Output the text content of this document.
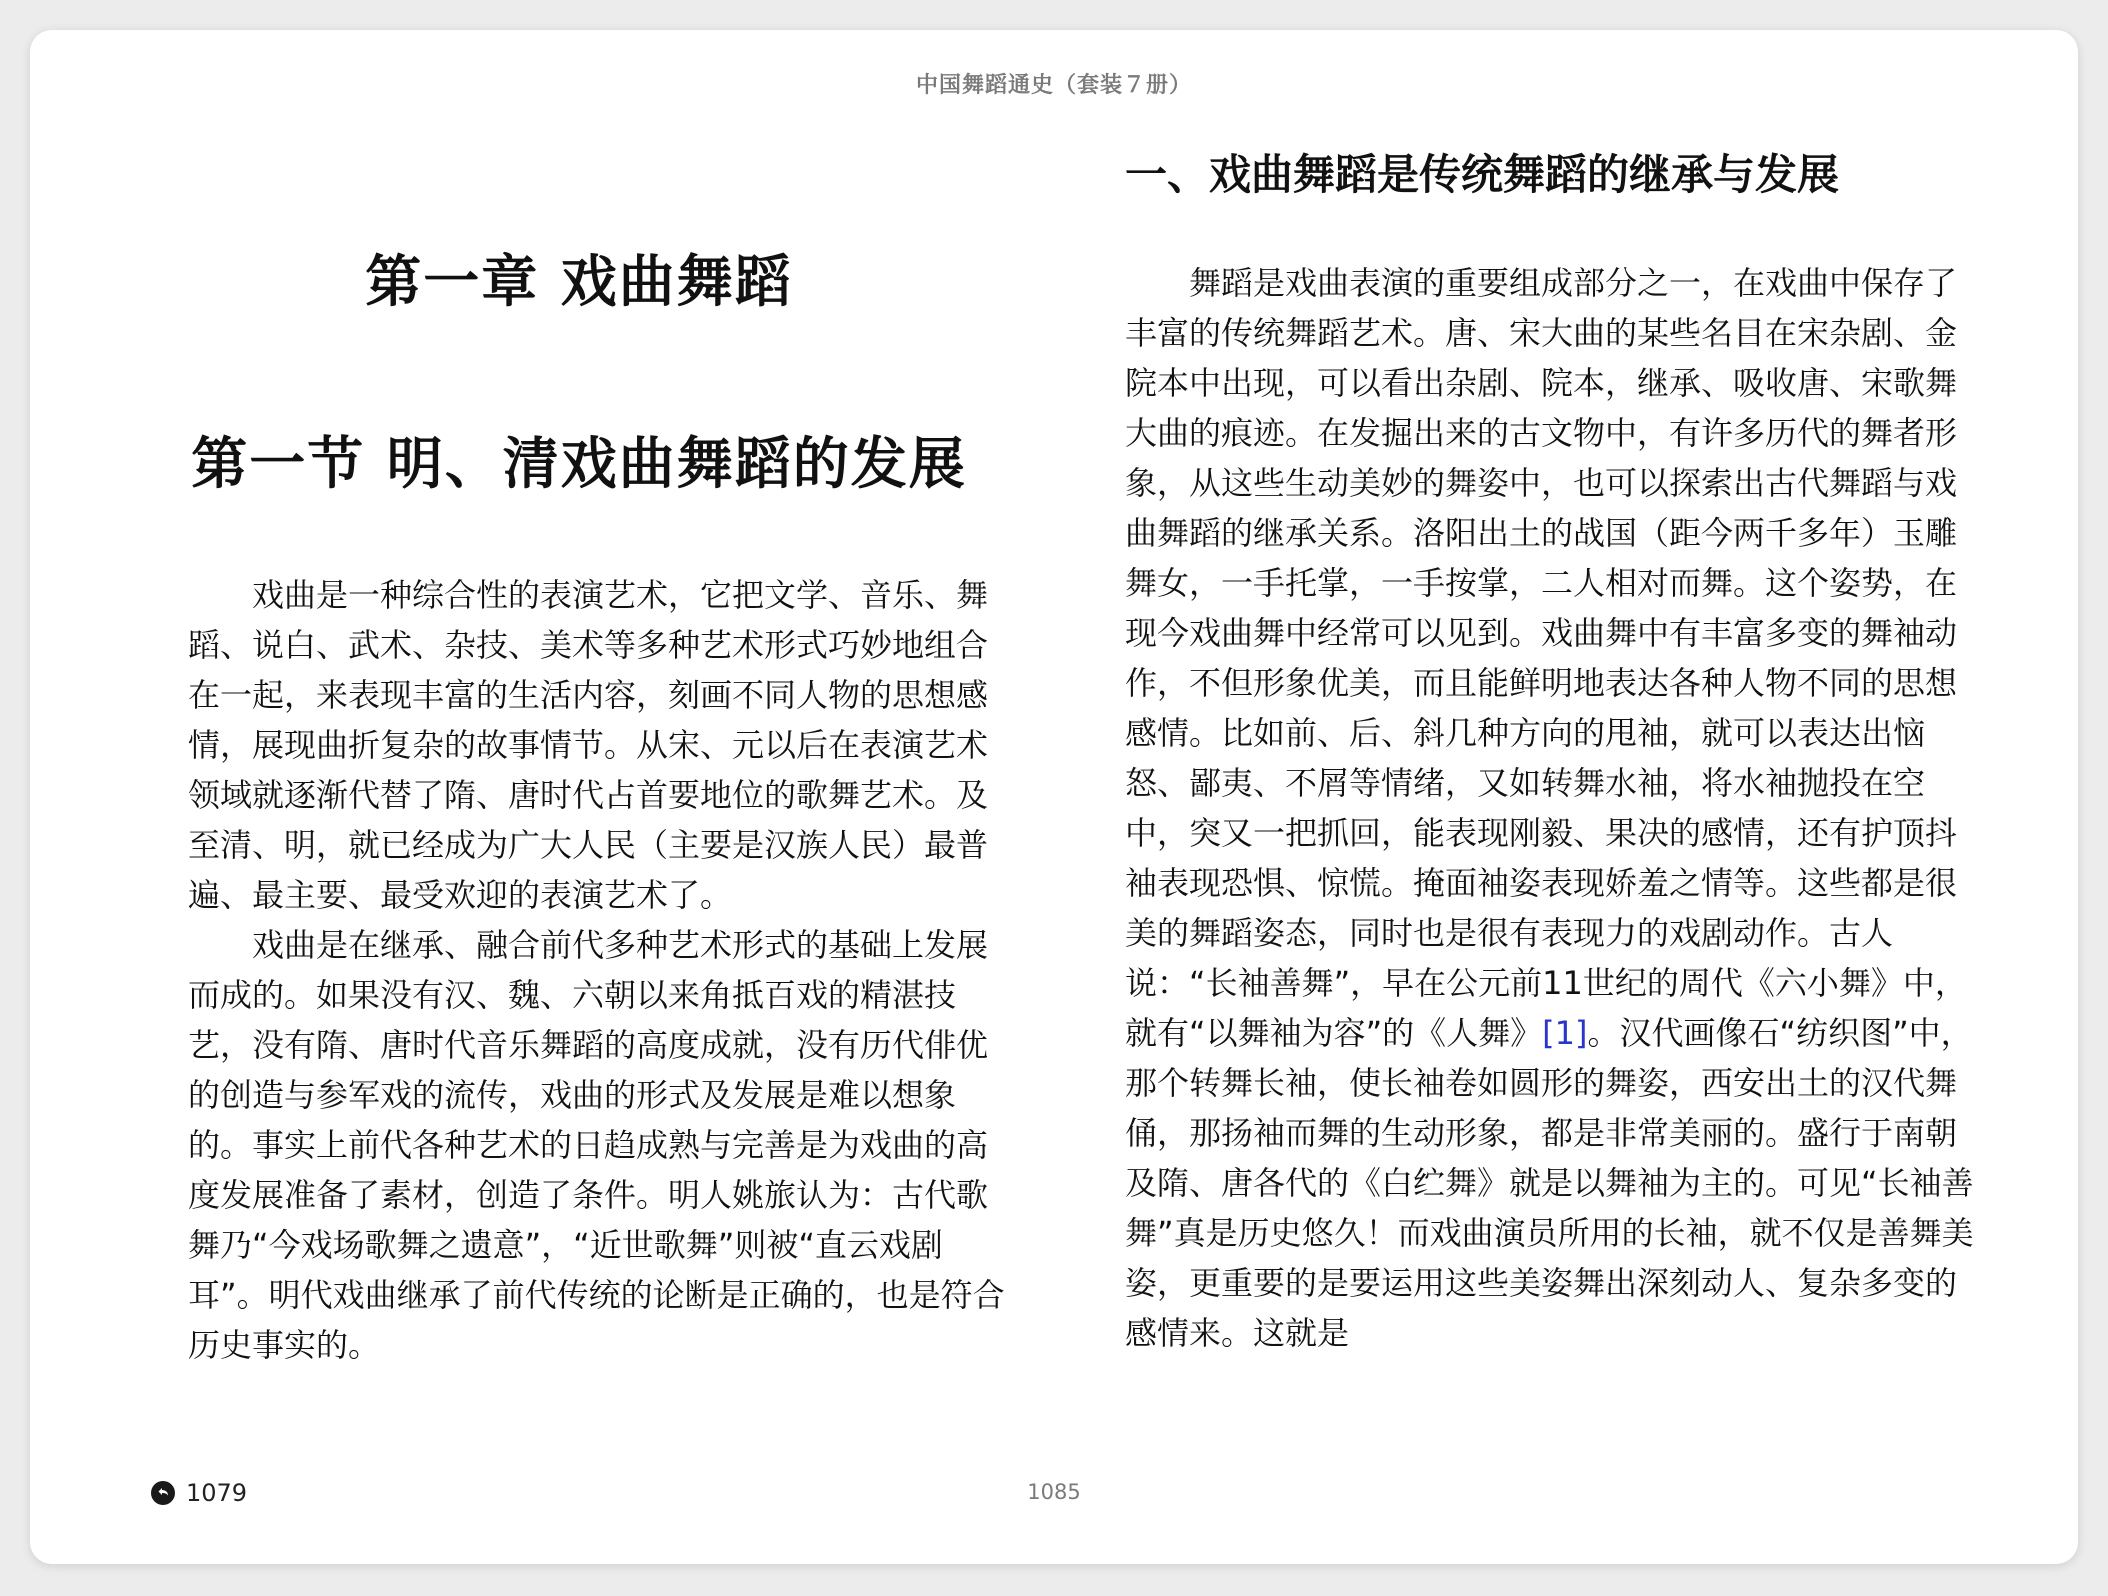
中国舞蹈通史（套装７册）
第一章 戏曲舞蹈
第一节 明、清戏曲舞蹈的发展

戏曲是一种综合性的表演艺术，它把文学、音乐、舞蹈、说白、武术、杂技、美术等多种艺术形式巧妙地组合在一起，来表现丰富的生活内容，刻画不同人物的思想感情，展现曲折复杂的故事情节。从宋、元以后在表演艺术领域就逐渐代替了隋、唐时代占首要地位的歌舞艺术。及至清、明，就已经成为广大人民（主要是汉族人民）最普遍、最主要、最受欢迎的表演艺术了。

戏曲是在继承、融合前代多种艺术形式的基础上发展而成的。如果没有汉、魏、六朝以来角抵百戏的精湛技艺，没有隋、唐时代音乐舞蹈的高度成就，没有历代俳优的创造与参军戏的流传，戏曲的形式及发展是难以想象的。事实上前代各种艺术的日趋成熟与完善是为戏曲的高度发展准备了素材，创造了条件。明人姚旅认为：古代歌舞乃“今戏场歌舞之遗意”，“近世歌舞”则被“直云戏剧耳”。明代戏曲继承了前代传统的论断是正确的，也是符合历史事实的。

一、戏曲舞蹈是传统舞蹈的继承与发展

舞蹈是戏曲表演的重要组成部分之一，在戏曲中保存了丰富的传统舞蹈艺术。唐、宋大曲的某些名目在宋杂剧、金院本中出现，可以看出杂剧、院本，继承、吸收唐、宋歌舞大曲的痕迹。在发掘出来的古文物中，有许多历代的舞者形象，从这些生动美妙的舞姿中，也可以探索出古代舞蹈与戏曲舞蹈的继承关系。洛阳出土的战国（距今两千多年）玉雕舞女，一手托掌，一手按掌，二人相对而舞。这个姿势，在现今戏曲舞中经常可以见到。戏曲舞中有丰富多变的舞袖动作，不但形象优美，而且能鲜明地表达各种人物不同的思想感情。比如前、后、斜几种方向的甩袖，就可以表达出恼怒、鄙夷、不屑等情绪，又如转舞水袖，将水袖抛投在空中，突又一把抓回，能表现刚毅、果决的感情，还有护顶抖袖表现恐惧、惊慌。掩面袖姿表现娇羞之情等。这些都是很美的舞蹈姿态，同时也是很有表现力的戏剧动作。古人说：“长袖善舞”，早在公元前11世纪的周代《六小舞》中，就有“以舞袖为容”的《人舞》[1]。汉代画像石“纺织图”中，那个转舞长袖，使长袖卷如圆形的舞姿，西安出土的汉代舞俑，那扬袖而舞的生动形象，都是非常美丽的。盛行于南朝及隋、唐各代的《白纻舞》就是以舞袖为主的。可见“长袖善舞”真是历史悠久！而戏曲演员所用的长袖，就不仅是善舞美姿，更重要的是要运用这些美姿舞出深刻动人、复杂多变的感情来。这就是

1079	1085
